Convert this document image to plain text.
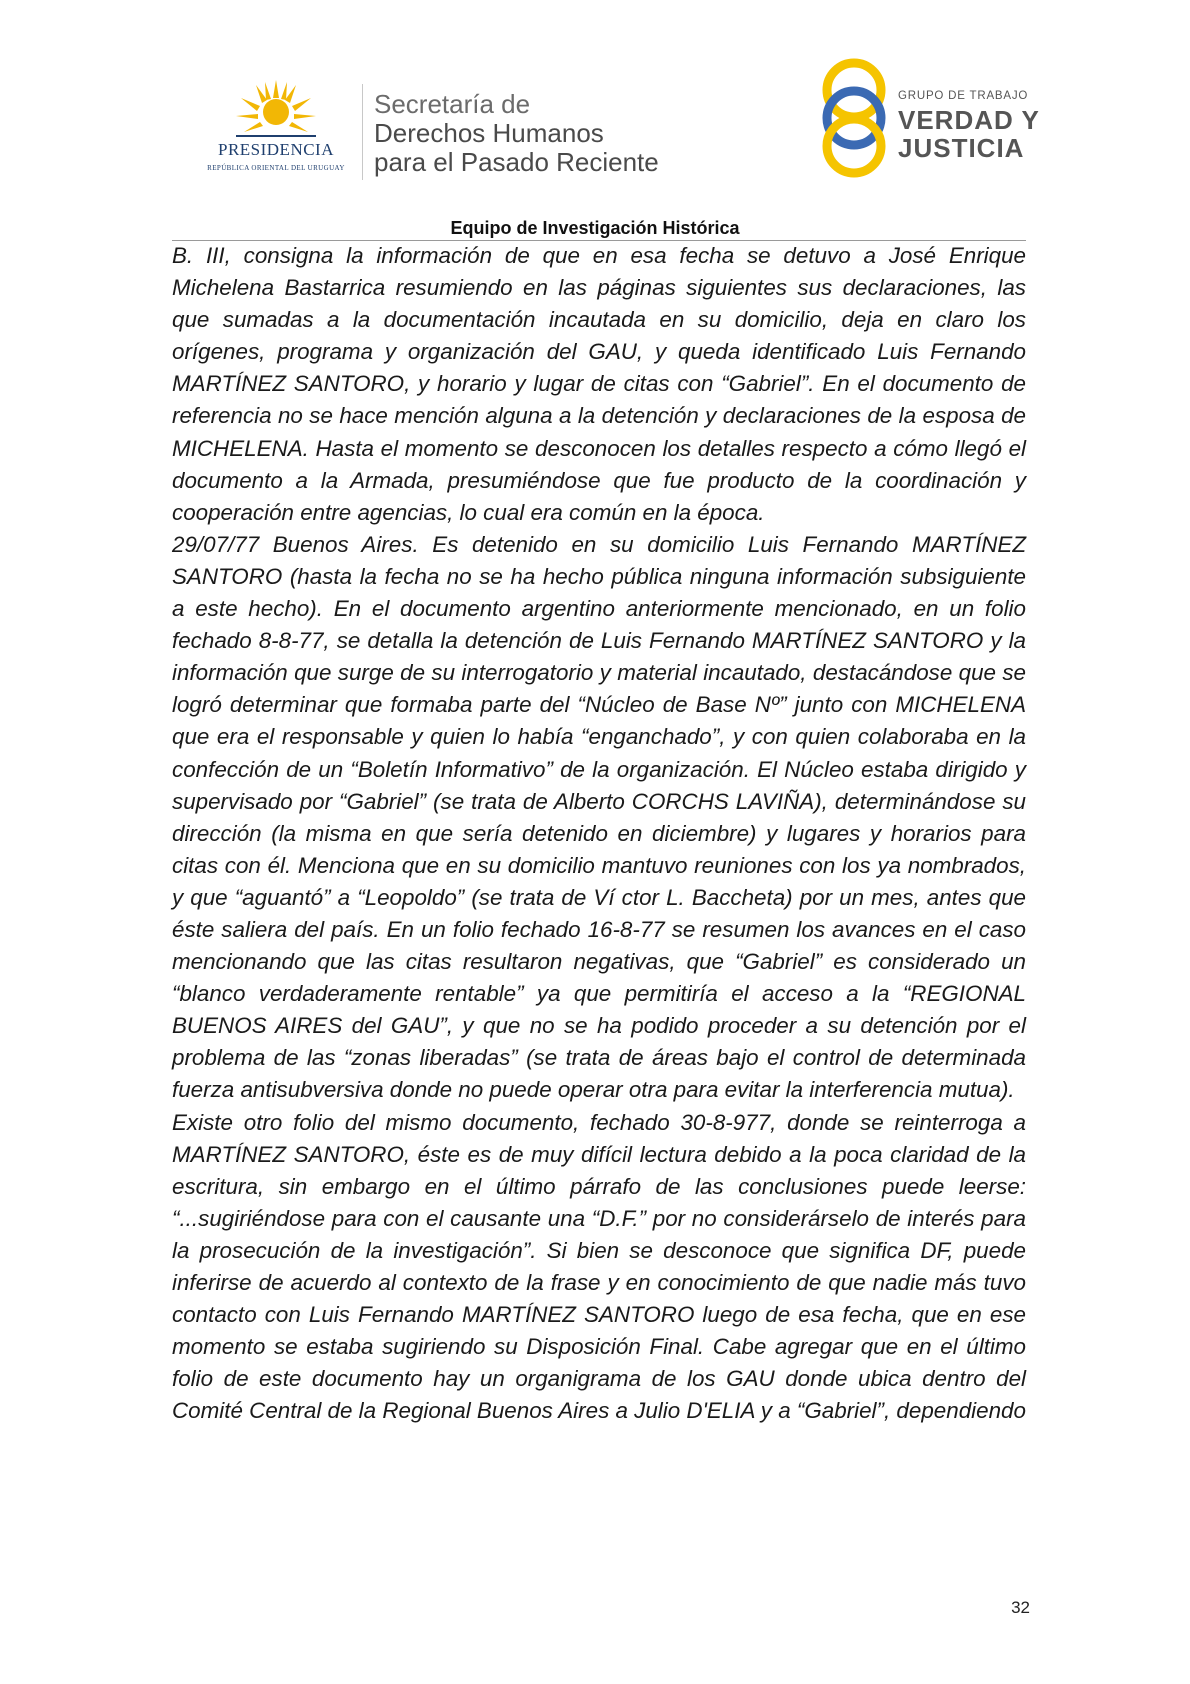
PRESIDENCIA
REPÚBLICA ORIENTAL DEL URUGUAY
Secretaría de
Derechos Humanos
para el Pasado Reciente
GRUPO DE TRABAJO
VERDAD Y
JUSTICIA
Equipo de Investigación Histórica

B. III, consigna la información de que en esa fecha se detuvo a José Enrique Michelena Bastarrica resumiendo en las páginas siguientes sus declaraciones, las que sumadas a la documentación incautada en su domicilio, deja en claro los orígenes, programa y organización del GAU, y queda identificado Luis Fernando MARTÍNEZ SANTORO, y horario y lugar de citas con “Gabriel”. En el documento de referencia no se hace mención alguna a la detención y declaraciones de la esposa de MICHELENA. Hasta el momento se desconocen los detalles respecto a cómo llegó el documento a la Armada, presumiéndose que fue producto de la coordinación y cooperación entre agencias, lo cual era común en la época.

29/07/77 Buenos Aires. Es detenido en su domicilio Luis Fernando MARTÍNEZ SANTORO (hasta la fecha no se ha hecho pública ninguna información subsiguiente a este hecho). En el documento argentino anteriormente mencionado, en un folio fechado 8-8-77, se detalla la detención de Luis Fernando MARTÍNEZ SANTORO y la información que surge de su interrogatorio y material incautado, destacándose que se logró determinar que formaba parte del “Núcleo de Base Nº” junto con MICHELENA que era el responsable y quien lo había “enganchado”, y con quien colaboraba en la confección de un “Boletín Informativo” de la organización. El Núcleo estaba dirigido y supervisado por “Gabriel” (se trata de Alberto CORCHS LAVIÑA), determinándose su dirección (la misma en que sería detenido en diciembre) y lugares y horarios para citas con él. Menciona que en su domicilio mantuvo reuniones con los ya nombrados, y que “aguantó” a “Leopoldo” (se trata de Ví ctor L. Baccheta) por un mes, antes que éste saliera del país. En un folio fechado 16-8-77 se resumen los avances en el caso mencionando que las citas resultaron negativas, que “Gabriel” es considerado un “blanco verdaderamente rentable” ya que permitiría el acceso a la “REGIONAL BUENOS AIRES del GAU”, y que no se ha podido proceder a su detención por el problema de las “zonas liberadas” (se trata de áreas bajo el control de determinada fuerza antisubversiva donde no puede operar otra para evitar la interferencia mutua).

Existe otro folio del mismo documento, fechado 30-8-977, donde se reinterroga a MARTÍNEZ SANTORO, éste es de muy difícil lectura debido a la poca claridad de la escritura, sin embargo en el último párrafo de las conclusiones puede leerse: “...sugiriéndose para con el causante una “D.F.” por no considerárselo de interés para la prosecución de la investigación”. Si bien se desconoce que significa DF, puede inferirse de acuerdo al contexto de la frase y en conocimiento de que nadie más tuvo contacto con Luis Fernando MARTÍNEZ SANTORO luego de esa fecha, que en ese momento se estaba sugiriendo su Disposición Final. Cabe agregar que en el último folio de este documento hay un organigrama de los GAU donde ubica dentro del Comité Central de la Regional Buenos Aires a Julio D'ELIA y a “Gabriel”, dependiendo

32
